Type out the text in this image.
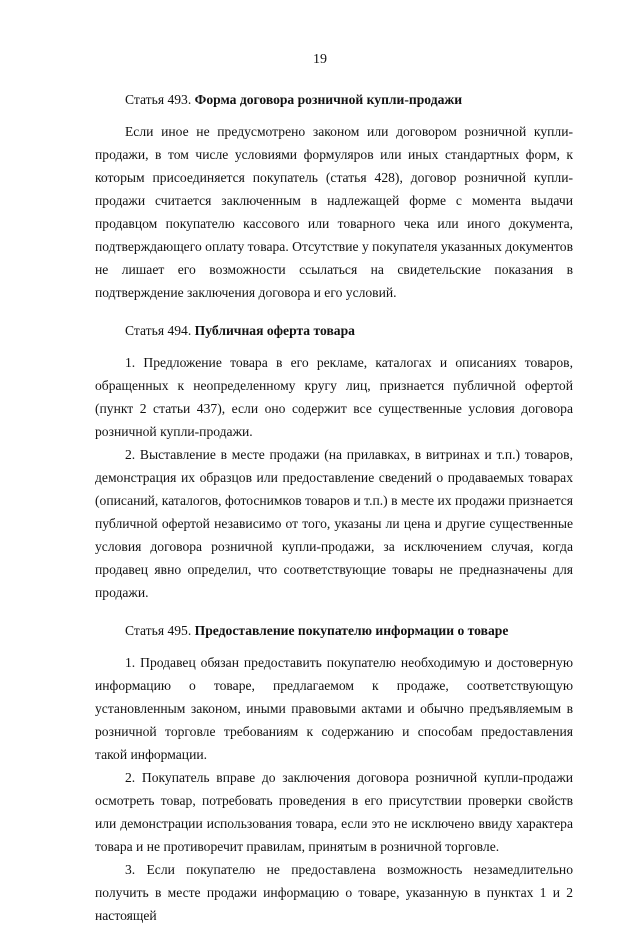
19
Статья 493. Форма договора розничной купли-продажи

Если иное не предусмотрено законом или договором розничной купли-продажи, в том числе условиями формуляров или иных стандартных форм, к которым присоединяется покупатель (статья 428), договор розничной купли-продажи считается заключенным в надлежащей форме с момента выдачи продавцом покупателю кассового или товарного чека или иного документа, подтверждающего оплату товара. Отсутствие у покупателя указанных документов не лишает его возможности ссылаться на свидетельские показания в подтверждение заключения договора и его условий.

Статья 494. Публичная оферта товара

1. Предложение товара в его рекламе, каталогах и описаниях товаров, обращенных к неопределенному кругу лиц, признается публичной офертой (пункт 2 статьи 437), если оно содержит все существенные условия договора розничной купли-продажи.

2. Выставление в месте продажи (на прилавках, в витринах и т.п.) товаров, демонстрация их образцов или предоставление сведений о продаваемых товарах (описаний, каталогов, фотоснимков товаров и т.п.) в месте их продажи признается публичной офертой независимо от того, указаны ли цена и другие существенные условия договора розничной купли-продажи, за исключением случая, когда продавец явно определил, что соответствующие товары не предназначены для продажи.

Статья 495. Предоставление покупателю информации о товаре

1. Продавец обязан предоставить покупателю необходимую и достоверную информацию о товаре, предлагаемом к продаже, соответствующую установленным законом, иными правовыми актами и обычно предъявляемым в розничной торговле требованиям к содержанию и способам предоставления такой информации.

2. Покупатель вправе до заключения договора розничной купли-продажи осмотреть товар, потребовать проведения в его присутствии проверки свойств или демонстрации использования товара, если это не исключено ввиду характера товара и не противоречит правилам, принятым в розничной торговле.

3. Если покупателю не предоставлена возможность незамедлительно получить в месте продажи информацию о товаре, указанную в пунктах 1 и 2 настоящей
